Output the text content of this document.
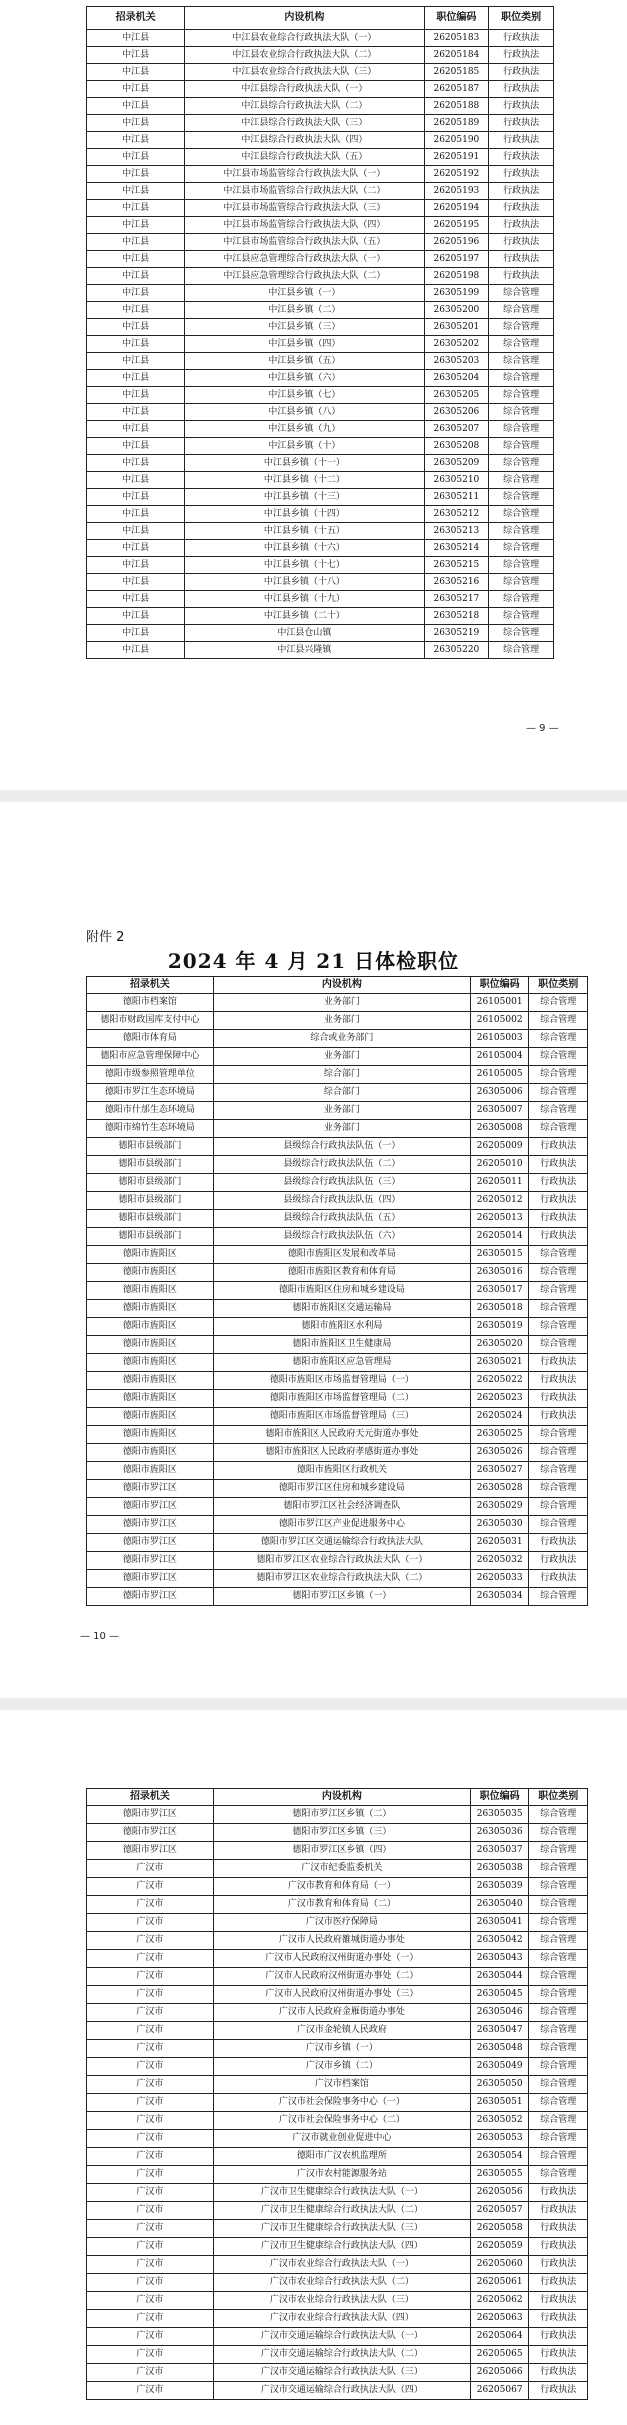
招录机关	内设机构	职位编码	职位类别
中江县	中江县农业综合行政执法大队（一）	26205183	行政执法
中江县	中江县农业综合行政执法大队（二）	26205184	行政执法
中江县	中江县农业综合行政执法大队（三）	26205185	行政执法
中江县	中江县综合行政执法大队（一）	26205187	行政执法
中江县	中江县综合行政执法大队（二）	26205188	行政执法
中江县	中江县综合行政执法大队（三）	26205189	行政执法
中江县	中江县综合行政执法大队（四）	26205190	行政执法
中江县	中江县综合行政执法大队（五）	26205191	行政执法
中江县	中江县市场监管综合行政执法大队（一）	26205192	行政执法
中江县	中江县市场监管综合行政执法大队（二）	26205193	行政执法
中江县	中江县市场监管综合行政执法大队（三）	26205194	行政执法
中江县	中江县市场监管综合行政执法大队（四）	26205195	行政执法
中江县	中江县市场监管综合行政执法大队（五）	26205196	行政执法
中江县	中江县应急管理综合行政执法大队（一）	26205197	行政执法
中江县	中江县应急管理综合行政执法大队（二）	26205198	行政执法
中江县	中江县乡镇（一）	26305199	综合管理
中江县	中江县乡镇（二）	26305200	综合管理
中江县	中江县乡镇（三）	26305201	综合管理
中江县	中江县乡镇（四）	26305202	综合管理
中江县	中江县乡镇（五）	26305203	综合管理
中江县	中江县乡镇（六）	26305204	综合管理
中江县	中江县乡镇（七）	26305205	综合管理
中江县	中江县乡镇（八）	26305206	综合管理
中江县	中江县乡镇（九）	26305207	综合管理
中江县	中江县乡镇（十）	26305208	综合管理
中江县	中江县乡镇（十一）	26305209	综合管理
中江县	中江县乡镇（十二）	26305210	综合管理
中江县	中江县乡镇（十三）	26305211	综合管理
中江县	中江县乡镇（十四）	26305212	综合管理
中江县	中江县乡镇（十五）	26305213	综合管理
中江县	中江县乡镇（十六）	26305214	综合管理
中江县	中江县乡镇（十七）	26305215	综合管理
中江县	中江县乡镇（十八）	26305216	综合管理
中江县	中江县乡镇（十九）	26305217	综合管理
中江县	中江县乡镇（二十）	26305218	综合管理
中江县	中江县仓山镇	26305219	综合管理
中江县	中江县兴隆镇	26305220	综合管理
— 9 —
附件 2
2024 年 4 月 21 日体检职位
招录机关	内设机构	职位编码	职位类别
德阳市档案馆	业务部门	26105001	综合管理
德阳市财政国库支付中心	业务部门	26105002	综合管理
德阳市体育局	综合或业务部门	26105003	综合管理
德阳市应急管理保障中心	业务部门	26105004	综合管理
德阳市级参照管理单位	综合部门	26105005	综合管理
德阳市罗江生态环境局	综合部门	26305006	综合管理
德阳市什邡生态环境局	业务部门	26305007	综合管理
德阳市绵竹生态环境局	业务部门	26305008	综合管理
德阳市县级部门	县级综合行政执法队伍（一）	26205009	行政执法
德阳市县级部门	县级综合行政执法队伍（二）	26205010	行政执法
德阳市县级部门	县级综合行政执法队伍（三）	26205011	行政执法
德阳市县级部门	县级综合行政执法队伍（四）	26205012	行政执法
德阳市县级部门	县级综合行政执法队伍（五）	26205013	行政执法
德阳市县级部门	县级综合行政执法队伍（六）	26205014	行政执法
德阳市旌阳区	德阳市旌阳区发展和改革局	26305015	综合管理
德阳市旌阳区	德阳市旌阳区教育和体育局	26305016	综合管理
德阳市旌阳区	德阳市旌阳区住房和城乡建设局	26305017	综合管理
德阳市旌阳区	德阳市旌阳区交通运输局	26305018	综合管理
德阳市旌阳区	德阳市旌阳区水利局	26305019	综合管理
德阳市旌阳区	德阳市旌阳区卫生健康局	26305020	综合管理
德阳市旌阳区	德阳市旌阳区应急管理局	26305021	行政执法
德阳市旌阳区	德阳市旌阳区市场监督管理局（一）	26205022	行政执法
德阳市旌阳区	德阳市旌阳区市场监督管理局（二）	26205023	行政执法
德阳市旌阳区	德阳市旌阳区市场监督管理局（三）	26205024	行政执法
德阳市旌阳区	德阳市旌阳区人民政府天元街道办事处	26305025	综合管理
德阳市旌阳区	德阳市旌阳区人民政府孝感街道办事处	26305026	综合管理
德阳市旌阳区	德阳市旌阳区行政机关	26305027	综合管理
德阳市罗江区	德阳市罗江区住房和城乡建设局	26305028	综合管理
德阳市罗江区	德阳市罗江区社会经济调查队	26305029	综合管理
德阳市罗江区	德阳市罗江区产业促进服务中心	26305030	综合管理
德阳市罗江区	德阳市罗江区交通运输综合行政执法大队	26205031	行政执法
德阳市罗江区	德阳市罗江区农业综合行政执法大队（一）	26205032	行政执法
德阳市罗江区	德阳市罗江区农业综合行政执法大队（二）	26205033	行政执法
德阳市罗江区	德阳市罗江区乡镇（一）	26305034	综合管理
— 10 —
招录机关	内设机构	职位编码	职位类别
德阳市罗江区	德阳市罗江区乡镇（二）	26305035	综合管理
德阳市罗江区	德阳市罗江区乡镇（三）	26305036	综合管理
德阳市罗江区	德阳市罗江区乡镇（四）	26305037	综合管理
广汉市	广汉市纪委监委机关	26305038	综合管理
广汉市	广汉市教育和体育局（一）	26305039	综合管理
广汉市	广汉市教育和体育局（二）	26305040	综合管理
广汉市	广汉市医疗保障局	26305041	综合管理
广汉市	广汉市人民政府雒城街道办事处	26305042	综合管理
广汉市	广汉市人民政府汉州街道办事处（一）	26305043	综合管理
广汉市	广汉市人民政府汉州街道办事处（二）	26305044	综合管理
广汉市	广汉市人民政府汉州街道办事处（三）	26305045	综合管理
广汉市	广汉市人民政府金雁街道办事处	26305046	综合管理
广汉市	广汉市金轮镇人民政府	26305047	综合管理
广汉市	广汉市乡镇（一）	26305048	综合管理
广汉市	广汉市乡镇（二）	26305049	综合管理
广汉市	广汉市档案馆	26305050	综合管理
广汉市	广汉市社会保险事务中心（一）	26305051	综合管理
广汉市	广汉市社会保险事务中心（二）	26305052	综合管理
广汉市	广汉市就业创业促进中心	26305053	综合管理
广汉市	德阳市广汉农机监理所	26305054	综合管理
广汉市	广汉市农村能源服务站	26305055	综合管理
广汉市	广汉市卫生健康综合行政执法大队（一）	26205056	行政执法
广汉市	广汉市卫生健康综合行政执法大队（二）	26205057	行政执法
广汉市	广汉市卫生健康综合行政执法大队（三）	26205058	行政执法
广汉市	广汉市卫生健康综合行政执法大队（四）	26205059	行政执法
广汉市	广汉市农业综合行政执法大队（一）	26205060	行政执法
广汉市	广汉市农业综合行政执法大队（二）	26205061	行政执法
广汉市	广汉市农业综合行政执法大队（三）	26205062	行政执法
广汉市	广汉市农业综合行政执法大队（四）	26205063	行政执法
广汉市	广汉市交通运输综合行政执法大队（一）	26205064	行政执法
广汉市	广汉市交通运输综合行政执法大队（二）	26205065	行政执法
广汉市	广汉市交通运输综合行政执法大队（三）	26205066	行政执法
广汉市	广汉市交通运输综合行政执法大队（四）	26205067	行政执法
